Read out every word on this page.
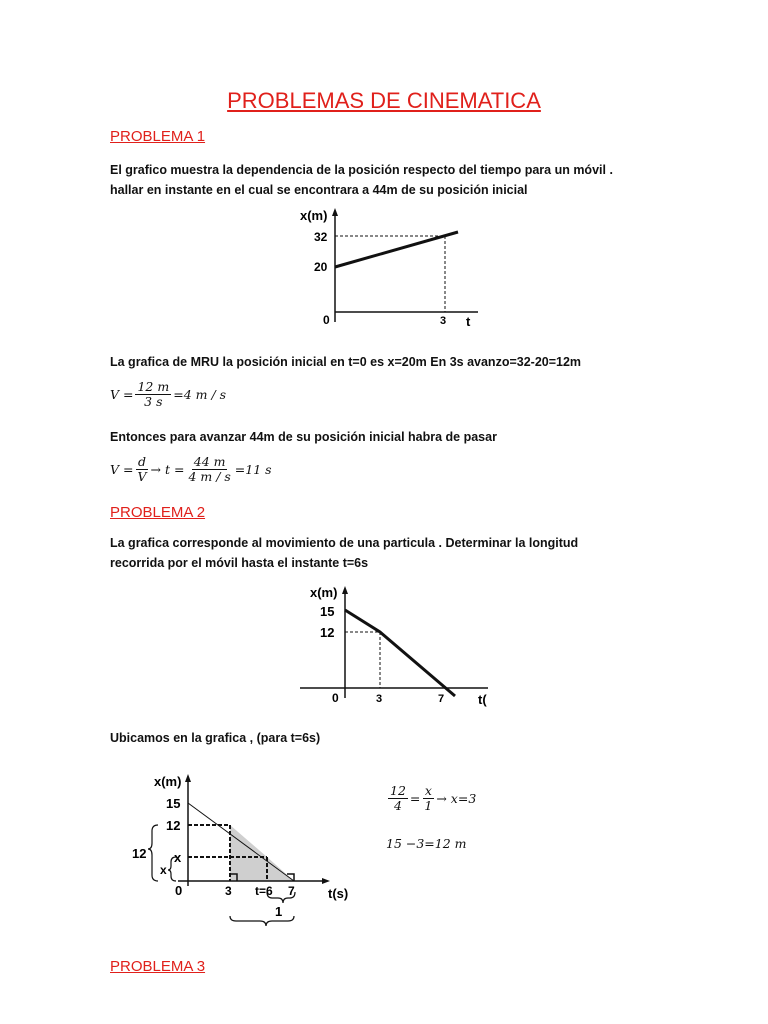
PROBLEMAS DE CINEMATICA
PROBLEMA 1
El grafico muestra la dependencia de la posición respecto del tiempo para un móvil .
hallar en instante en el cual se encontrara a 44m de su posición inicial
x(m)
32
20
0	3 t
La grafica de MRU la posición inicial en t=0 es x=20m En 3s avanzo=32-20=12m
$V = \frac{12 m}{3 s} =4$ m / s
Entonces para avanzar 44m de su posición inicial habra de pasar
$V = \frac{d}{V} \to t = \frac{44 m}{4 m / s} =11$ s
PROBLEMA 2
La grafica corresponde al movimiento de una particula . Determinar la longitud
recorrida por el móvil hasta el instante t=6s
x(m)
15
12
0	3	7	t(
Ubicamos en la grafica , (para t=6s)
x(m)
15
12
x
12
x
0	3 t=6 7	t(s)
1
$\frac{12}{4} = \frac{x}{1} \to x=3$
15 −3=12 m
PROBLEMA 3
